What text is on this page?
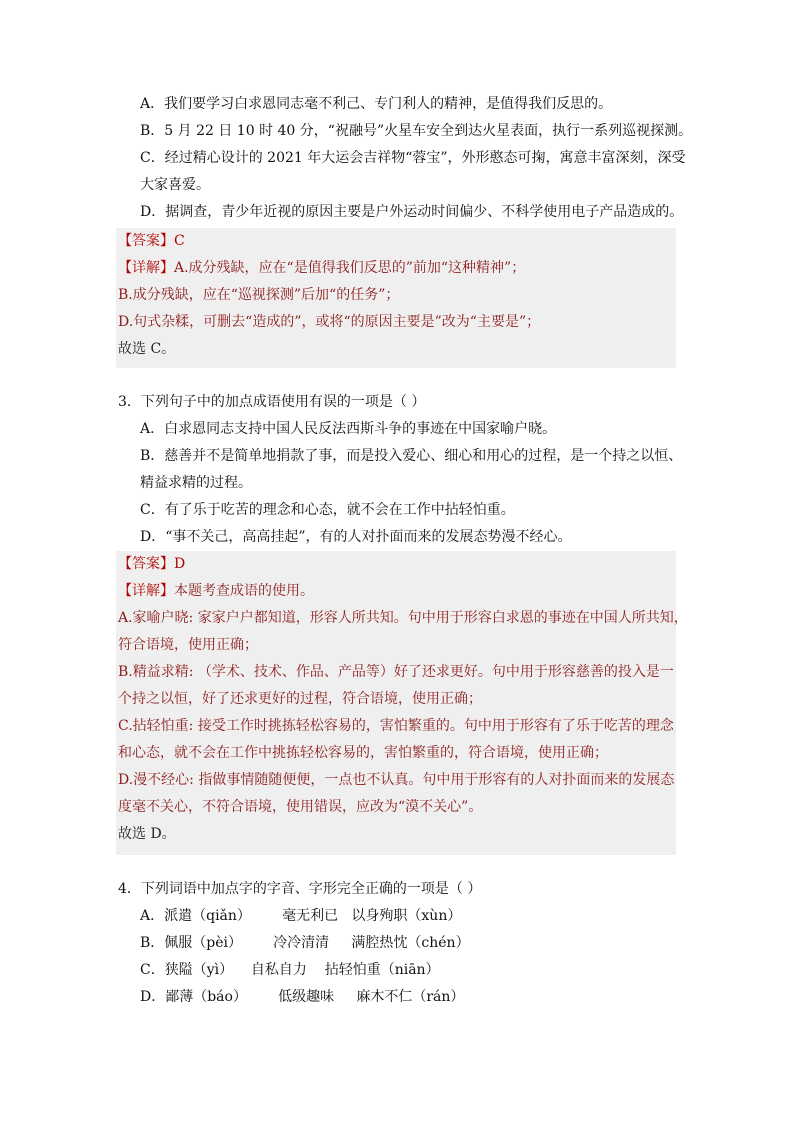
A．我们要学习白求恩同志毫不利己、专门利人的精神，是值得我们反思的。
B．5 月 22 日 10 时 40 分，“祝融号”火星车安全到达火星表面，执行一系列巡视探测。
C．经过精心设计的 2021 年大运会吉祥物“蓉宝”，外形憨态可掬，寓意丰富深刻，深受
大家喜爱。
D．据调查，青少年近视的原因主要是户外运动时间偏少、不科学使用电子产品造成的。
【答案】C
【详解】A.成分残缺，应在“是值得我们反思的”前加“这种精神”；
B.成分残缺，应在“巡视探测”后加“的任务”；
D.句式杂糅，可删去“造成的”，或将“的原因主要是”改为“主要是”；
故选 C。
3．下列句子中的加点成语使用有误的一项是（ ）
A．白求恩同志支持中国人民反法西斯斗争的事迹在中国家喻户晓。
B．慈善并不是简单地捐款了事，而是投入爱心、细心和用心的过程，是一个持之以恒、
精益求精的过程。
C．有了乐于吃苦的理念和心态，就不会在工作中拈轻怕重。
D．“事不关己，高高挂起”，有的人对扑面而来的发展态势漫不经心。
【答案】D
【详解】本题考查成语的使用。
A.家喻户晓: 家家户户都知道，形容人所共知。句中用于形容白求恩的事迹在中国人所共知，
符合语境，使用正确；
B.精益求精: （学术、技术、作品、产品等）好了还求更好。句中用于形容慈善的投入是一
个持之以恒，好了还求更好的过程，符合语境，使用正确；
C.拈轻怕重: 接受工作时挑拣轻松容易的，害怕繁重的。句中用于形容有了乐于吃苦的理念
和心态，就不会在工作中挑拣轻松容易的，害怕繁重的，符合语境，使用正确；
D.漫不经心: 指做事情随随便便，一点也不认真。句中用于形容有的人对扑面而来的发展态
度毫不关心，不符合语境，使用错误，应改为“漠不关心”。
故选 D。
4．下列词语中加点字的字音、字形完全正确的一项是（ ）
A．派遣（qiǎn）       毫无利已   以身殉职（xùn）
B．佩服（pèi）       冷冷清清     满腔热忱（chén）
C．狭隘（yì）    自私自力    拈轻怕重（niān）
D．鄙薄（báo）       低级趣味     麻木不仁（rán）
